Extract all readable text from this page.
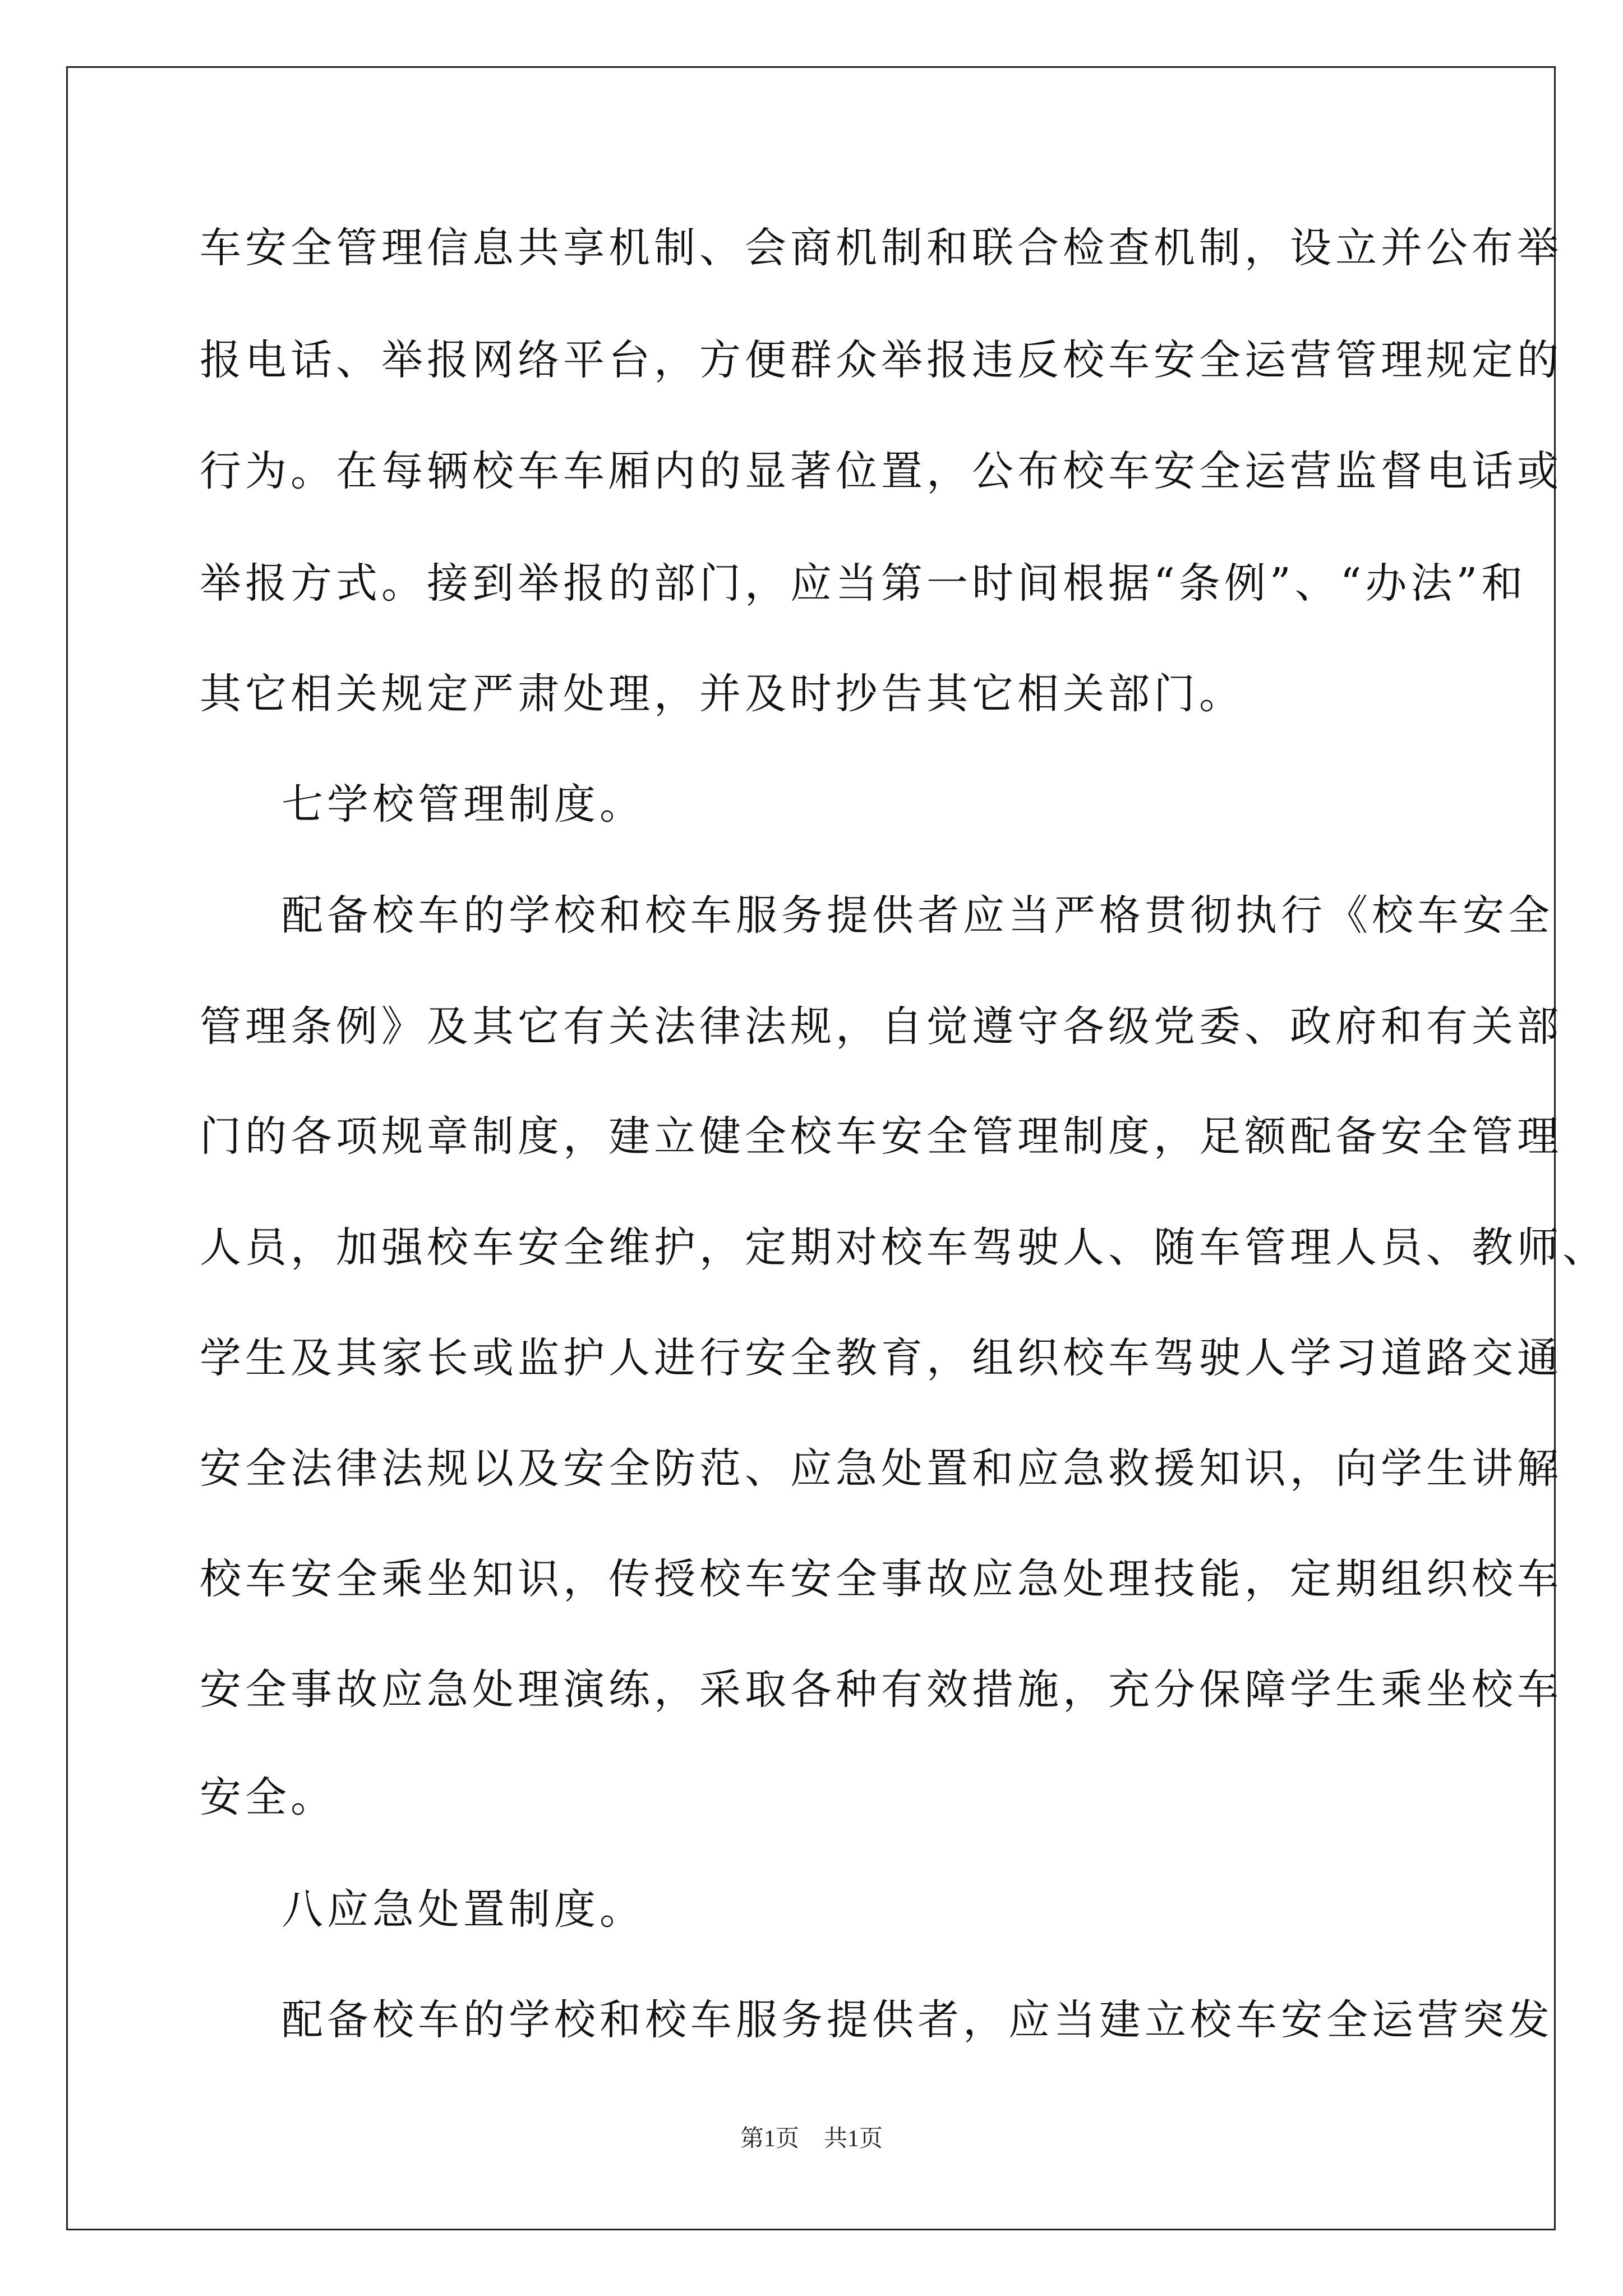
车安全管理信息共享机制、会商机制和联合检查机制，设立并公布举
报电话、举报网络平台，方便群众举报违反校车安全运营管理规定的
行为。在每辆校车车厢内的显著位置，公布校车安全运营监督电话或
举报方式。接到举报的部门，应当第一时间根据“条例”、“办法”和
其它相关规定严肃处理，并及时抄告其它相关部门。
七学校管理制度。
配备校车的学校和校车服务提供者应当严格贯彻执行《校车安全
管理条例》及其它有关法律法规，自觉遵守各级党委、政府和有关部
门的各项规章制度，建立健全校车安全管理制度，足额配备安全管理
人员，加强校车安全维护，定期对校车驾驶人、随车管理人员、教师、
学生及其家长或监护人进行安全教育，组织校车驾驶人学习道路交通
安全法律法规以及安全防范、应急处置和应急救援知识，向学生讲解
校车安全乘坐知识，传授校车安全事故应急处理技能，定期组织校车
安全事故应急处理演练，采取各种有效措施，充分保障学生乘坐校车
安全。
八应急处置制度。
配备校车的学校和校车服务提供者，应当建立校车安全运营突发
第1页 共1页
